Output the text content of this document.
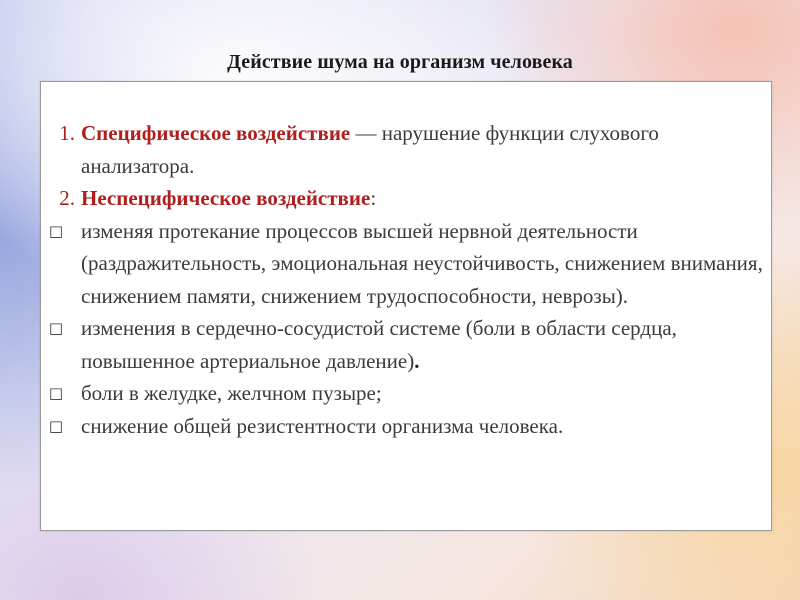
Действие шума на организм человека
1. Специфическое воздействие — нарушение функции слухового анализатора.
2. Неспецифическое воздействие:
□ изменяя протекание процессов высшей нервной деятельности (раздражительность, эмоциональная неустойчивость, снижением внимания, снижением памяти, снижением трудоспособности, неврозы).
□ изменения в сердечно-сосудистой системе (боли в области сердца, повышенное артериальное давление).
□ боли в желудке, желчном пузыре;
□ снижение общей резистентности организма человека.
